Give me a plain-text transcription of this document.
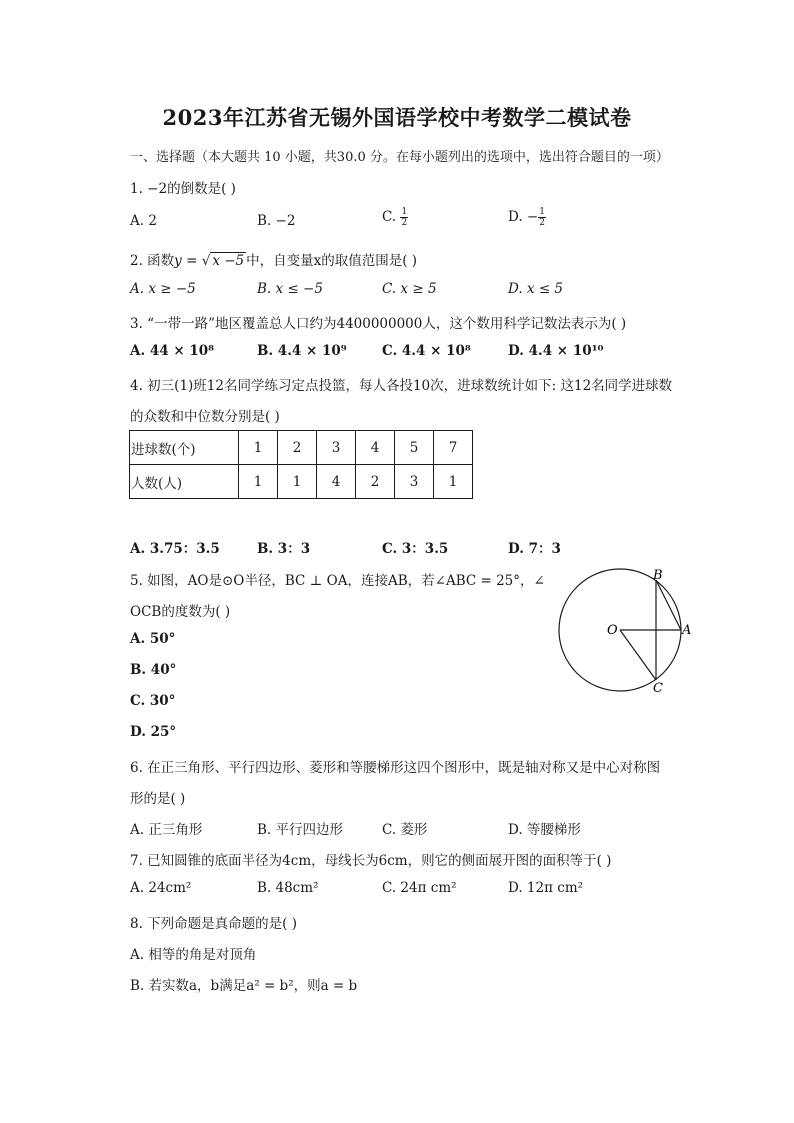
2023年江苏省无锡外国语学校中考数学二模试卷
一、选择题（本大题共 10 小题，共30.0 分。在每小题列出的选项中，选出符合题目的一项）
1. −2的倒数是( )
A. 2	B. −2	C. $\frac{1}{2}$	D. − $\frac{1}{2}$
2. 函数y = √ x −5 中，自变量x的取值范围是( )
A. x ≥ −5	B. x ≤ −5	C. x ≥ 5	D. x ≤ 5
3. “一带一路”地区覆盖总人口约为4400000000人，这个数用科学记数法表示为( )
A. 44 × 10⁸	B. 4.4 × 10⁹	C. 4.4 × 10⁸	D. 4.4 × 10¹⁰
4. 初三(1)班12名同学练习定点投篮，每人各投10次，进球数统计如下: 这12名同学进球数
的众数和中位数分别是( )
进球数(个)	1	2	3	4	5	7
人数(人)	1	1	4	2	3	1
A. 3.75：3.5	B. 3：3	C. 3：3.5	D. 7：3
5. 如图，AO是⊙O半径，BC ⊥ OA，连接AB，若∠ABC = 25°，∠
OCB的度数为( )
A. 50°
B. 40°
C. 30°
D. 25°
O	A
B
C
6. 在正三角形、平行四边形、菱形和等腰梯形这四个图形中，既是轴对称又是中心对称图
形的是( )
A. 正三角形	B. 平行四边形	C. 菱形	D. 等腰梯形
7. 已知圆锥的底面半径为4cm，母线长为6cm，则它的侧面展开图的面积等于( )
A. 24cm²	B. 48cm²	C. 24π cm²	D. 12π cm²
8. 下列命题是真命题的是( )
A. 相等的角是对顶角
B. 若实数a，b满足a² = b²，则a = b
